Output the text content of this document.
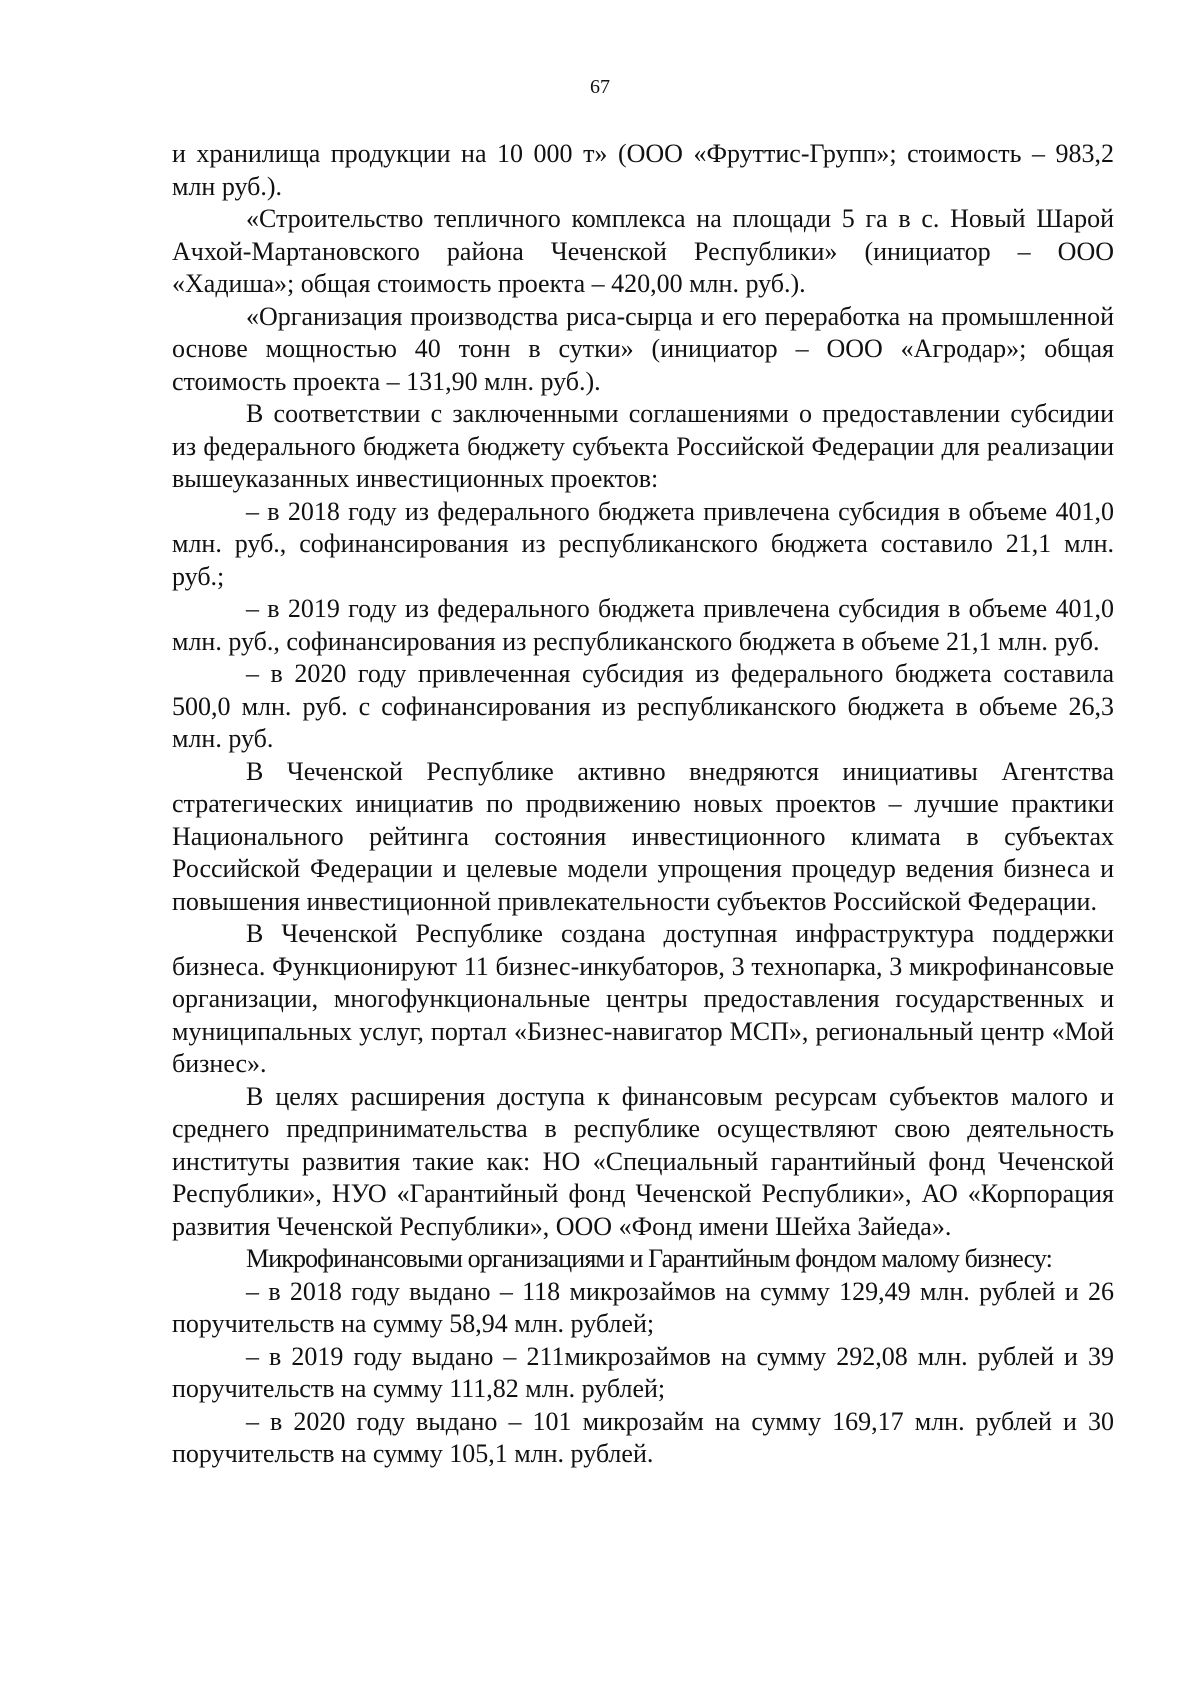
67

и хранилища продукции на 10 000 т» (ООО «Фруттис-Групп»; стоимость – 983,2 млн руб.).

«Строительство тепличного комплекса на площади 5 га в с. Новый Шарой Ачхой-Мартановского района Чеченской Республики» (инициатор – ООО «Хадиша»; общая стоимость проекта – 420,00 млн. руб.).

«Организация производства риса-сырца и его переработка на промышленной основе мощностью 40 тонн в сутки» (инициатор – ООО «Агродар»; общая стоимость проекта – 131,90 млн. руб.).

В соответствии с заключенными соглашениями о предоставлении субсидии из федерального бюджета бюджету субъекта Российской Федерации для реализации вышеуказанных инвестиционных проектов:

– в 2018 году из федерального бюджета привлечена субсидия в объеме 401,0 млн. руб., софинансирования из республиканского бюджета составило 21,1 млн. руб.;

– в 2019 году из федерального бюджета привлечена субсидия в объеме 401,0 млн. руб., софинансирования из республиканского бюджета в объеме 21,1 млн. руб.

– в 2020 году привлеченная субсидия из федерального бюджета составила 500,0 млн. руб. с софинансирования из республиканского бюджета в объеме 26,3 млн. руб.

В Чеченской Республике активно внедряются инициативы Агентства стратегических инициатив по продвижению новых проектов – лучшие практики Национального рейтинга состояния инвестиционного климата в субъектах Российской Федерации и целевые модели упрощения процедур ведения бизнеса и повышения инвестиционной привлекательности субъектов Российской Федерации.

В Чеченской Республике создана доступная инфраструктура поддержки бизнеса. Функционируют 11 бизнес-инкубаторов, 3 технопарка, 3 микрофинансовые организации, многофункциональные центры предоставления государственных и муниципальных услуг, портал «Бизнес-навигатор МСП», региональный центр «Мой бизнес».

В целях расширения доступа к финансовым ресурсам субъектов малого и среднего предпринимательства в республике осуществляют свою деятельность институты развития такие как: НО «Специальный гарантийный фонд Чеченской Республики», НУО «Гарантийный фонд Чеченской Республики», АО «Корпорация развития Чеченской Республики», ООО «Фонд имени Шейха Зайеда».

Микрофинансовыми организациями и Гарантийным фондом малому бизнесу:

– в 2018 году выдано – 118 микрозаймов на сумму 129,49 млн. рублей и 26 поручительств на сумму 58,94 млн. рублей;

– в 2019 году выдано – 211микрозаймов на сумму 292,08 млн. рублей и 39 поручительств на сумму 111,82 млн. рублей;

– в 2020 году выдано – 101 микрозайм на сумму 169,17 млн. рублей и 30 поручительств на сумму 105,1 млн. рублей.
